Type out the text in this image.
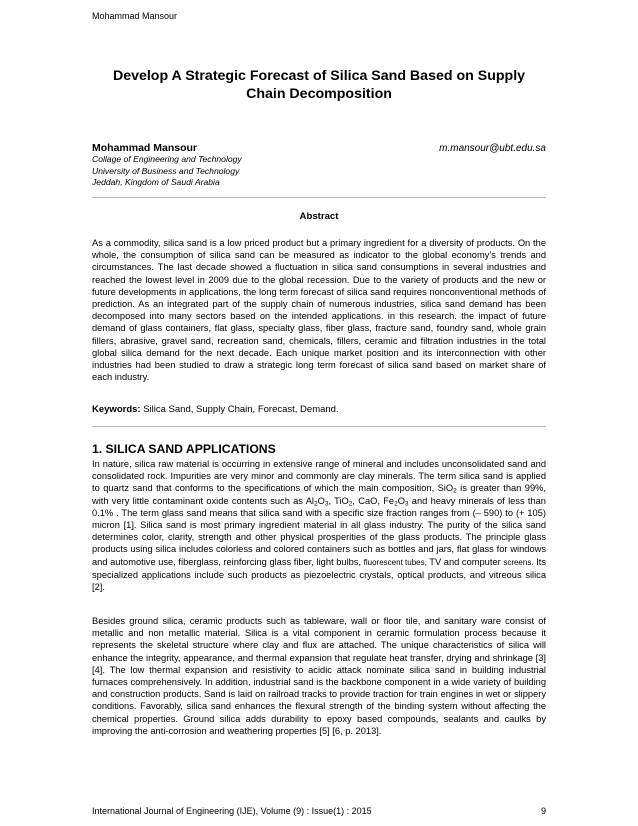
Mohammad Mansour
Develop A Strategic Forecast of Silica Sand Based on Supply
Chain Decomposition
Mohammad Mansour	m.mansour@ubt.edu.sa
Collage of Engineering and Technology
University of Business and Technology
Jeddah, Kingdom of Saudi Arabia
Abstract

As a commodity, silica sand is a low priced product but a primary ingredient for a diversity of products. On the whole, the consumption of silica sand can be measured as indicator to the global economy’s trends and circumstances. The last decade showed a fluctuation in silica sand consumptions in several industries and reached the lowest level in 2009 due to the global recession. Due to the variety of products and the new or future developments in applications, the long term forecast of silica sand requires nonconventional methods of prediction. As an integrated part of the supply chain of numerous industries, silica sand demand has been decomposed into many sectors based on the intended applications. in this research. the impact of future demand of glass containers, flat glass, specialty glass, fiber glass, fracture sand, foundry sand, whole grain fillers, abrasive, gravel sand, recreation sand, chemicals, fillers, ceramic and filtration industries in the total global silica demand for the next decade. Each unique market position and its interconnection with other industries had been studied to draw a strategic long term forecast of silica sand based on market share of each industry.

Keywords: Silica Sand, Supply Chain, Forecast, Demand.

1. SILICA SAND APPLICATIONS

In nature, silica raw material is occurring in extensive range of mineral and includes unconsolidated sand and consolidated rock. Impurities are very minor and commonly are clay minerals. The term silica sand is applied to quartz sand that conforms to the specifications of which the main composition, SiO$_2$ is greater than 99%, with very little contaminant oxide contents such as $Al_2O_3$, TiO$_2$, CaO, $Fe_2O_3$ and heavy minerals of less than 0.1% . The term glass sand means that silica sand with a specific size fraction ranges from (– 590) to (+ 105) micron [1]. Silica sand is most primary ingredient material in all glass industry. The purity of the silica sand determines color, clarity, strength and other physical prosperities of the glass products. The principle glass products using silica includes colorless and colored containers such as bottles and jars, flat glass for windows and automotive use, fiberglass, reinforcing glass fiber, light bulbs, fluorescent tubes, TV and computer screens. Its specialized applications include such products as piezoelectric crystals, optical products, and vitreous silica [2].

Besides ground silica, ceramic products such as tableware, wall or floor tile, and sanitary ware consist of metallic and non metallic material. Silica is a vital component in ceramic formulation process because it represents the skeletal structure where clay and flux are attached. The unique characteristics of silica will enhance the integrity, appearance, and thermal expansion that regulate heat transfer, drying and shrinkage [3] [4]. The low thermal expansion and resistivity to acidic attack nominate silica sand in building industrial furnaces comprehensively. In addition, industrial sand is the backbone component in a wide variety of building and construction products. Sand is laid on railroad tracks to provide traction for train engines in wet or slippery conditions. Favorably, silica sand enhances the flexural strength of the binding system without affecting the chemical properties. Ground silica adds durability to epoxy based compounds, sealants and caulks by improving the anti-corrosion and weathering properties [5] [6, p. 2013].

International Journal of Engineering (IJE), Volume (9) : Issue(1) : 2015	9
